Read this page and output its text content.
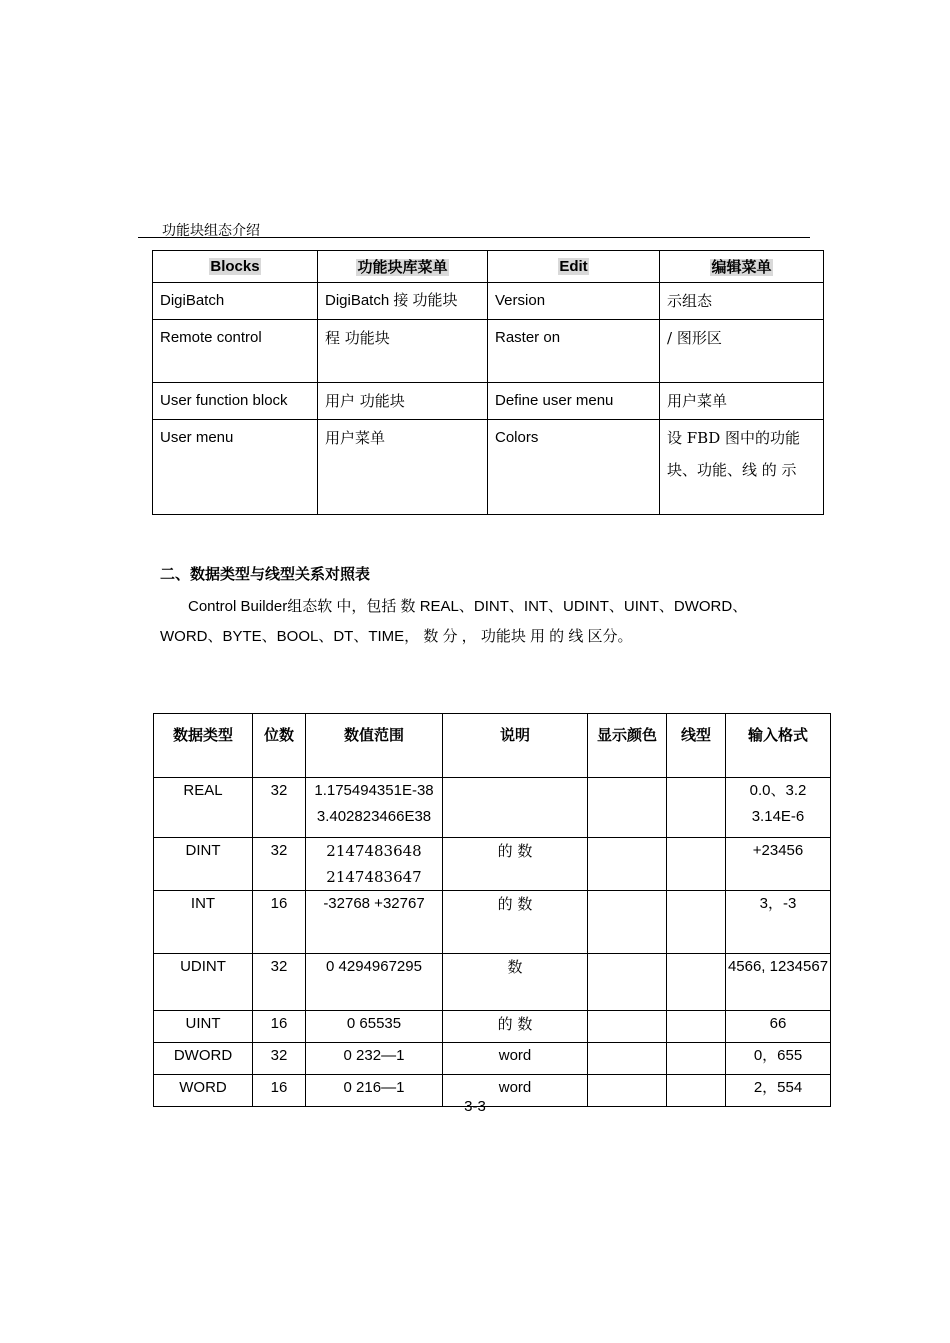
功能块组态介绍
Blocks	功能块库菜单	Edit	编辑菜单
DigiBatch	DigiBatch 接 功能块	Version	示组态
Remote control	程 功能块	Raster on	/ 图形区
User function block	用户 功能块	Define user menu	用户菜单
User menu	用户菜单	Colors	设 FBD 图中的功能块、功能、线 的 示
二、数据类型与线型关系对照表

Control Builder组态软 中，包括 数 REAL、DINT、INT、UDINT、UINT、DWORD、WORD、BYTE、BOOL、DT、TIME， 数 分 ， 功能块 用 的 线 区分。

数据类型	位数	数值范围	说明	显示颜色	线型	输入格式
REAL	32	1.175494351E-38 3.402823466E38				0.0、3.2 3.14E-6
DINT	32	2147483648 2147483647	的 数			+23456
INT	16	-32768 +32767	的 数			3，-3
UDINT	32	0 4294967295	数			4566, 1234567
UINT	16	0 65535	的 数			66
DWORD	32	0 232—1	word			0，655
WORD	16	0 216—1	word			2，554
3-3
